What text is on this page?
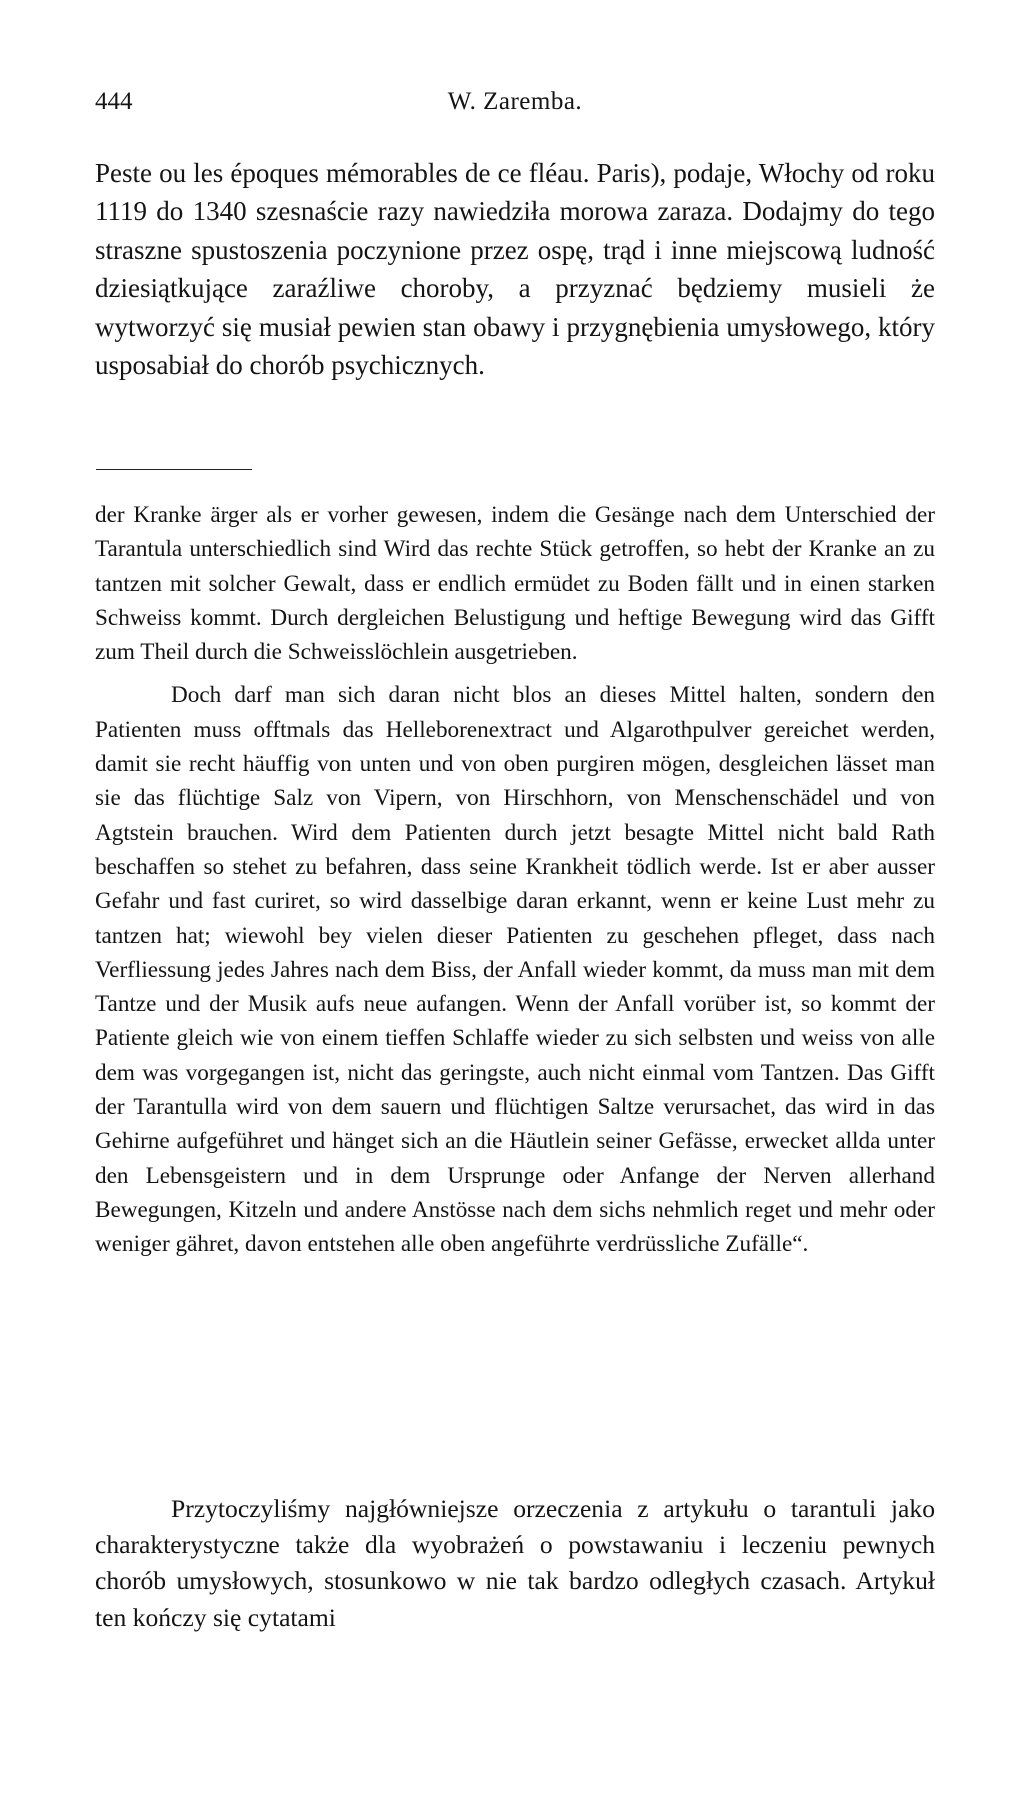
444	W. Zaremba.

Peste ou les époques mémorables de ce fléau. Paris), podaje, Włochy od roku 1119 do 1340 szesnaście razy nawiedziła morowa zaraza. Dodajmy do tego straszne spustoszenia poczynione przez ospę, trąd i inne miejscową ludność dziesiątkujące zaraźliwe choroby, a przyznać będziemy musieli że wytworzyć się musiał pewien stan obawy i przygnębienia umysłowego, który usposabiał do chorób psychicznych.

der Kranke ärger als er vorher gewesen, indem die Gesänge nach dem Unterschied der Tarantula unterschiedlich sind Wird das rechte Stück getroffen, so hebt der Kranke an zu tantzen mit solcher Gewalt, dass er endlich ermüdet zu Boden fällt und in einen starken Schweiss kommt. Durch dergleichen Belustigung und heftige Bewegung wird das Gifft zum Theil durch die Schweisslöchlein ausgetrieben.

Doch darf man sich daran nicht blos an dieses Mittel halten, sondern den Patienten muss offtmals das Helleborenextract und Algarothpulver gereichet werden, damit sie recht häuffig von unten und von oben purgiren mögen, desgleichen lässet man sie das flüchtige Salz von Vipern, von Hirschhorn, von Menschenschädel und von Agtstein brauchen. Wird dem Patienten durch jetzt besagte Mittel nicht bald Rath beschaffen so stehet zu befahren, dass seine Krankheit tödlich werde. Ist er aber ausser Gefahr und fast curiret, so wird dasselbige daran erkannt, wenn er keine Lust mehr zu tantzen hat; wiewohl bey vielen dieser Patienten zu geschehen pfleget, dass nach Verfliessung jedes Jahres nach dem Biss, der Anfall wieder kommt, da muss man mit dem Tantze und der Musik aufs neue aufangen. Wenn der Anfall vorüber ist, so kommt der Patiente gleich wie von einem tieffen Schlaffe wieder zu sich selbsten und weiss von alle dem was vorgegangen ist, nicht das geringste, auch nicht einmal vom Tantzen. Das Gifft der Tarantulla wird von dem sauern und flüchtigen Saltze verursachet, das wird in das Gehirne aufgeführet und hänget sich an die Häutlein seiner Gefässe, erwecket allda unter den Lebensgeistern und in dem Ursprunge oder Anfange der Nerven allerhand Bewegungen, Kitzeln und andere Anstösse nach dem sichs nehmlich reget und mehr oder weniger gähret, davon entstehen alle oben angeführte verdrüssliche Zufälle“.

Przytoczyliśmy najgłówniejsze orzeczenia z artykułu o tarantuli jako charakterystyczne także dla wyobrażeń o powstawaniu i leczeniu pewnych chorób umysłowych, stosunkowo w nie tak bardzo odległych czasach. Artykuł ten kończy się cytatami
